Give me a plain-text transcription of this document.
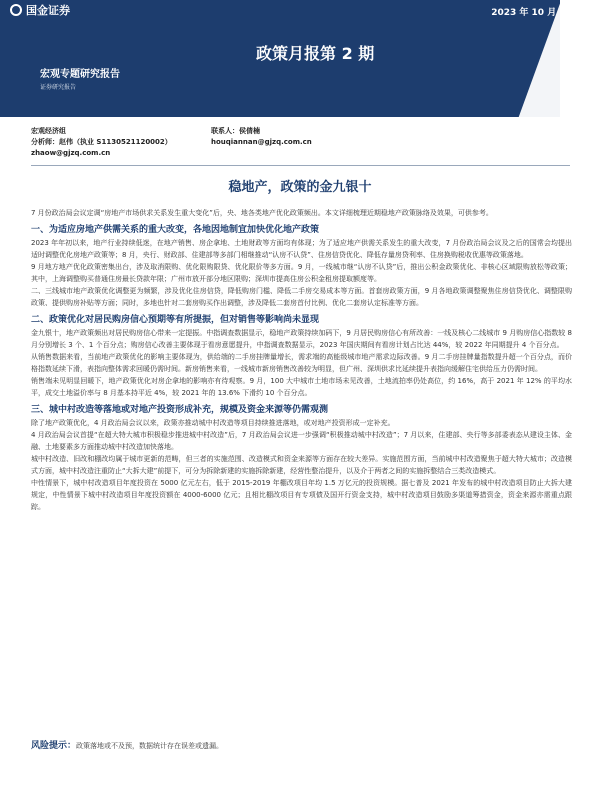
国金证券	2023 年 10 月 16 日
政策月报第 2 期
宏观专题研究报告
证券研究报告
宏观经济组
分析师：赵伟（执业 S1130521120002）
zhaow@gjzq.com.cn
联系人：侯倩楠
houqiannan@gjzq.com.cn
稳地产，政策的金九银十

7 月份政治局会议定调“房地产市场供求关系发生重大变化”后，央、地各类地产优化政策频出。本文详细梳理近期稳地产政策脉络及效果，可供参考。

一、为适应房地产供需关系的重大改变，各地因地制宜加快优化地产政策

2023 年年初以来，地产行业持续低迷，在地产销售、房企拿地、土地财政等方面均有体现；为了适应地产供需关系发生的重大改变，7 月份政治局会议及之后的国常会均提出适时调整优化房地产政策等；8 月，央行、财政部、住建部等多部门相继推动“认房不认贷”、住房信贷优化、降低存量房贷利率、住房换购税收优惠等政策落地。

9 月地方地产优化政策密集出台，涉及取消限购、优化限购限贷、优化限价等多方面。9 月，一线城市继“认房不认贷”后，推出公积金政策优化、非核心区域限购放松等政策；其中，上海调整购买普通住房最长贷款年限；广州市放开部分地区限购；深圳市提高住房公积金租房提取额度等。

二、三线城市地产政策优化调整更为频繁，涉及优化住房信贷，降低购房门槛、降低二手房交易成本等方面。首套房政策方面，9 月各地政策调整聚焦住房信贷优化、调整限购政策、提供购房补贴等方面；同时，多地也针对二套房购买作出调整，涉及降低二套房首付比例、优化二套房认定标准等方面。

二、政策优化对居民购房信心预期等有所提振，但对销售等影响尚未显现

金九银十，地产政策频出对居民购房信心带来一定提振。中指调查数据显示，稳地产政策持续加码下，9 月居民购房信心有所改善：一线及核心二线城市 9 月购房信心指数较 8 月分别增长 3 个、1 个百分点；购房信心改善主要体现于看房意愿提升，中指调查数据显示，2023 年国庆期间有看房计划占比达 44%，较 2022 年同期提升 4 个百分点。

从销售数据来看，当前地产政策优化的影响主要体现为，供给端的二手房挂牌量增长，需求端的高能级城市地产需求边际改善。9 月二手房挂牌量指数提升超一个百分点，而价格指数延续下滑，表指向整体需求回暖仍需时间。新房销售来看，一线城市新房销售改善较为明显，但广州、深圳供求比延续提升表指向缓解住宅供给压力仍需时间。

销售端未见明显回暖下，地产政策优化对房企拿地的影响亦有待观察。9 月，100 大中城市土地市场未见改善，土地流拍率仍处高位，约 16%，高于 2021 年 12% 的平均水平，成交土地溢价率与 8 月基本持平近 4%，较 2021 年的 13.6% 下滑约 10 个百分点。

三、城中村改造等落地或对地产投资形成补充，规模及资金来源等仍需观测

除了地产政策优化，4 月政治局会议以来，政策亦推动城中村改造等项目持续推进落地，或对地产投资形成一定补充。

4 月政治局会议首提“在超大特大城市积极稳步推进城中村改造”后，7 月政治局会议进一步强调“积极推动城中村改造”；7 月以来，住建部、央行等多部委表态从建设主体、金融、土地要素多方面推动城中村改造加快落地。

城中村改造、旧改和棚改均属于城市更新的范畴，但三者的实施范围、改造模式和资金来源等方面存在较大差异。实施范围方面，当前城中村改造聚焦于超大特大城市；改造模式方面，城中村改造注重防止“大拆大建”前提下，可分为拆除新建的实施拆除新建，经营性整治提升，以及介于两者之间的实施拆整结合三类改造模式。

中性情景下，城中村改造项目年度投资在 5000 亿元左右，低于 2015-2019 年棚改项目年均 1.5 万亿元的投资规模。据七普及 2021 年发布的城中村改造项目防止大拆大建规定，中性情景下城中村改造项目年度投资额在 4000-6000 亿元；且相比棚改项目有专项债及国开行资金支持，城中村改造项目鼓励多渠道筹措资金，资金来源亦需重点跟踪。

风险提示：政策落地或不及预，数据统计存在误差或遗漏。
